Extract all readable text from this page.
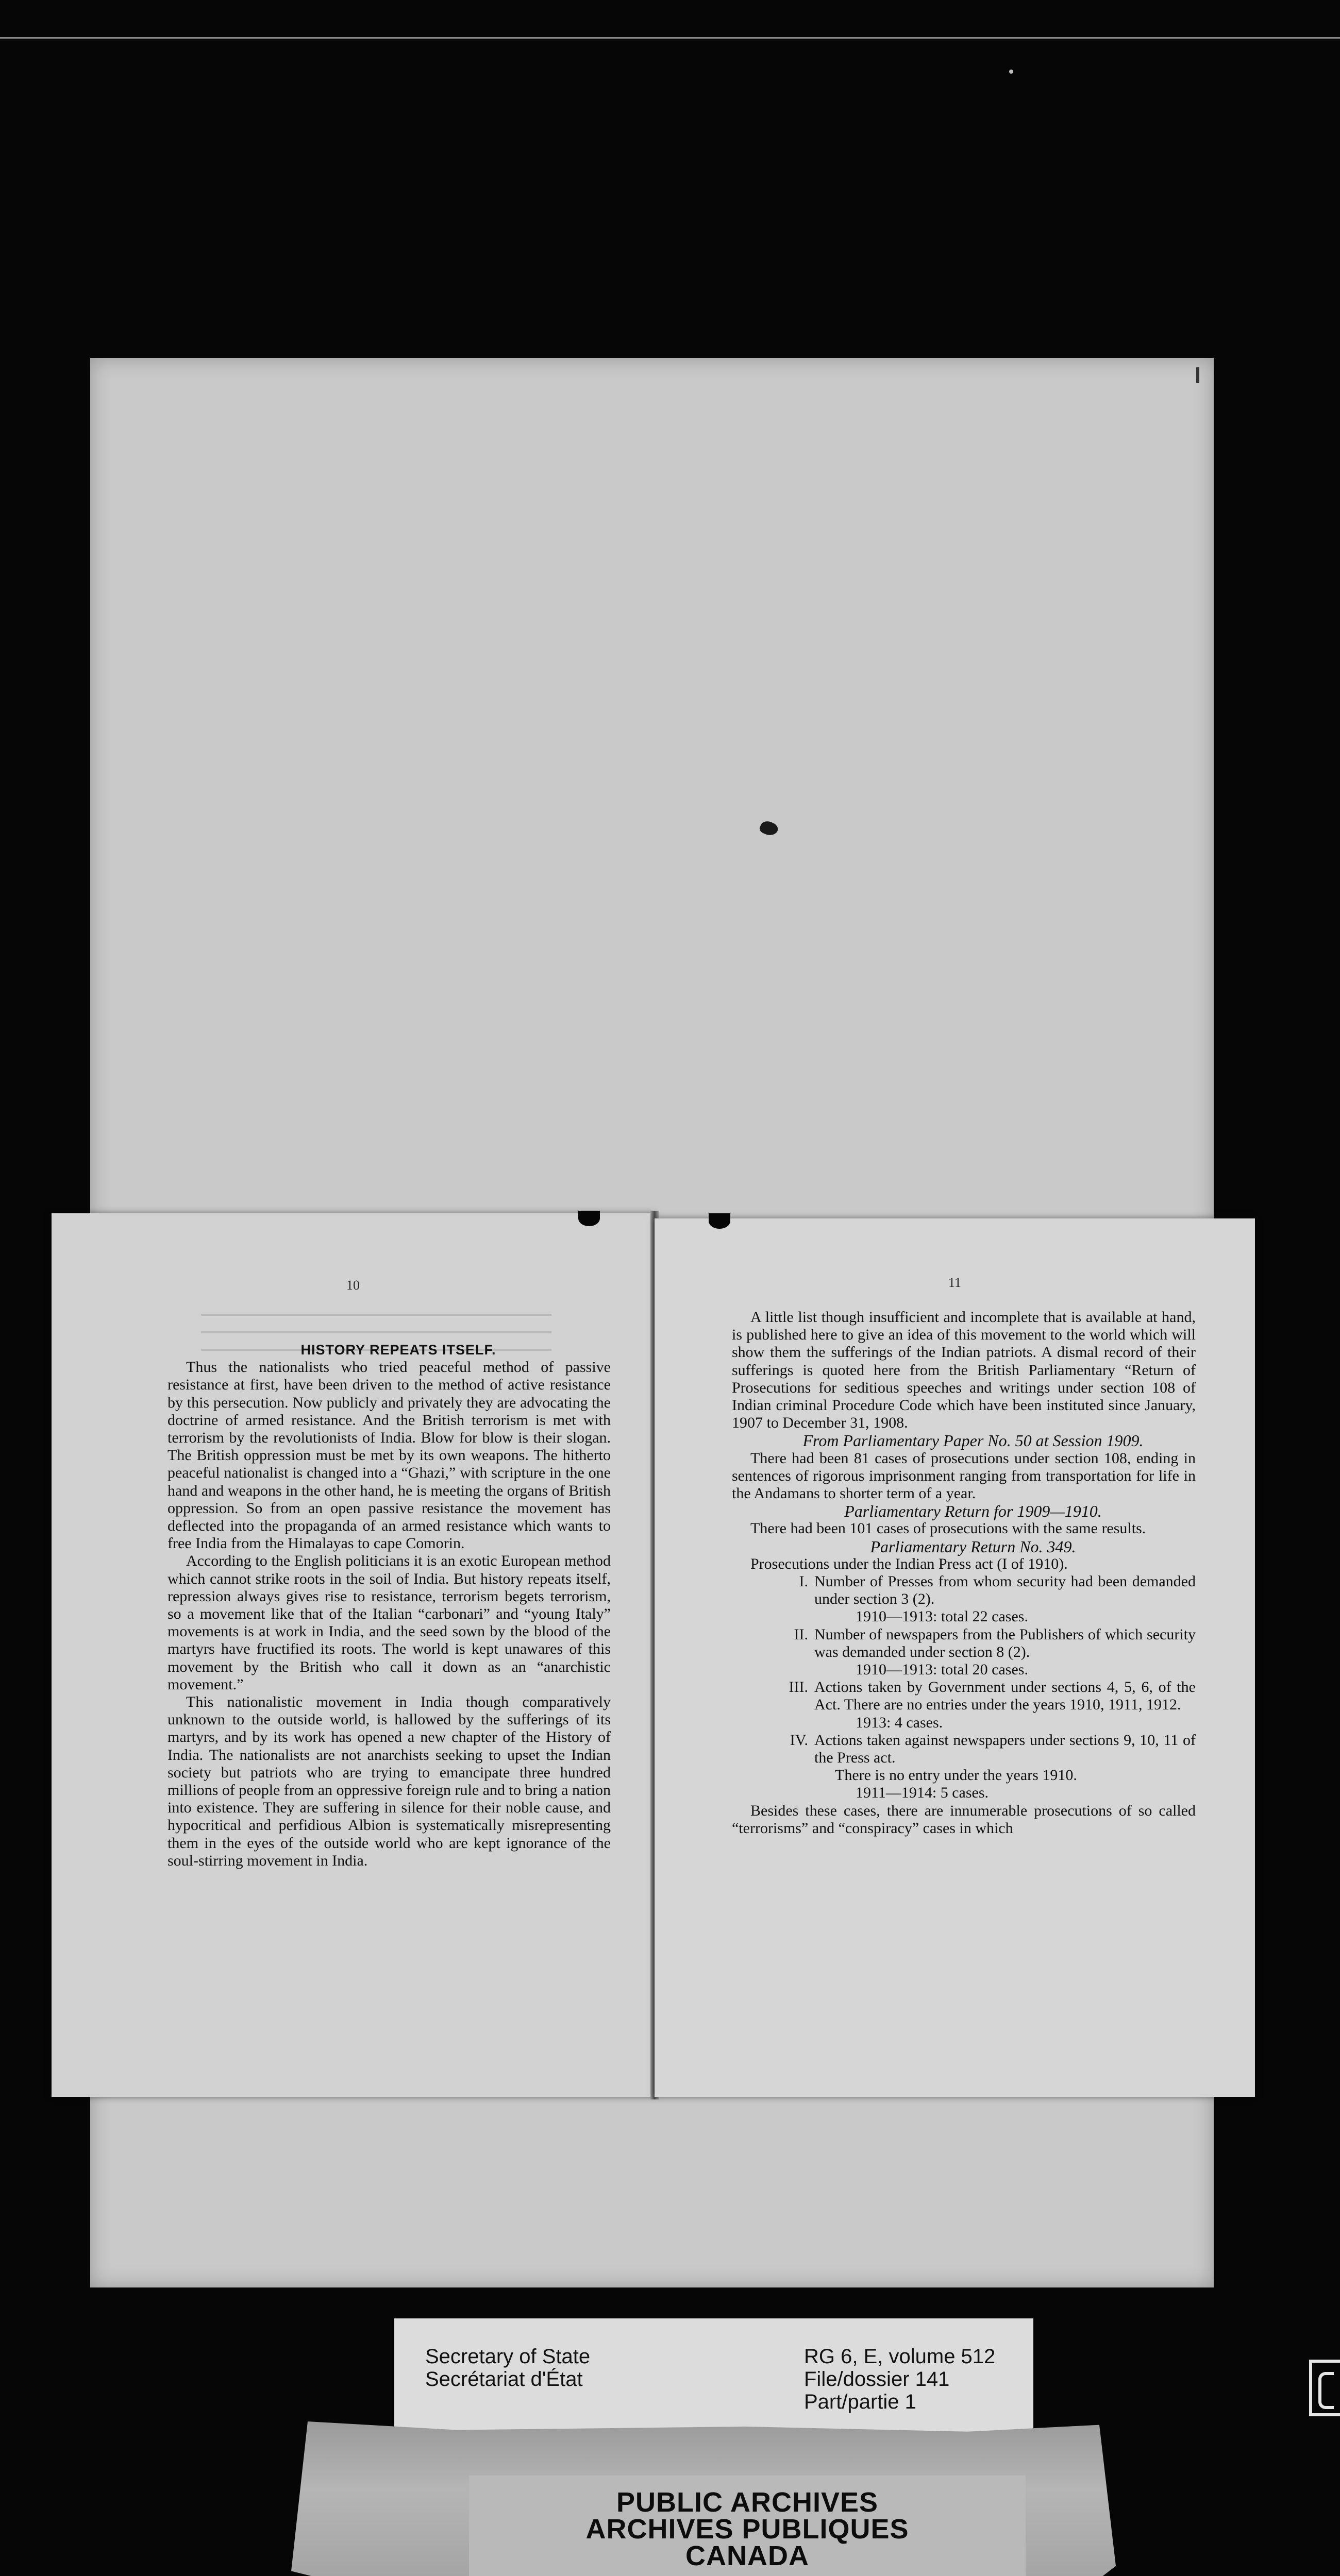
10

HISTORY REPEATS ITSELF.

Thus the nationalists who tried peaceful method of passive resistance at first, have been driven to the method of active resistance by this persecution. Now publicly and privately they are advocating the doctrine of armed resistance. And the British terrorism is met with terrorism by the revolutionists of India. Blow for blow is their slogan. The British oppression must be met by its own weapons. The hitherto peaceful nationalist is changed into a “Ghazi,” with scripture in the one hand and weapons in the other hand, he is meeting the organs of British oppression. So from an open passive resistance the movement has deflected into the propaganda of an armed resistance which wants to free India from the Himalayas to cape Comorin.

According to the English politicians it is an exotic European method which cannot strike roots in the soil of India. But history repeats itself, repression always gives rise to resistance, terrorism begets terrorism, so a movement like that of the Italian “carbonari” and “young Italy” movements is at work in India, and the seed sown by the blood of the martyrs have fructified its roots. The world is kept unawares of this movement by the British who call it down as an “anarchistic movement.”

This nationalistic movement in India though comparatively unknown to the outside world, is hallowed by the sufferings of its martyrs, and by its work has opened a new chapter of the History of India. The nationalists are not anarchists seeking to upset the Indian society but patriots who are trying to emancipate three hundred millions of people from an oppressive foreign rule and to bring a nation into existence. They are suffering in silence for their noble cause, and hypocritical and perfidious Albion is systematically misrepresenting them in the eyes of the outside world who are kept ignorance of the soul-stirring movement in India.

11

A little list though insufficient and incomplete that is available at hand, is published here to give an idea of this movement to the world which will show them the sufferings of the Indian patriots. A dismal record of their sufferings is quoted here from the British Parliamentary “Return of Prosecutions for seditious speeches and writings under section 108 of Indian criminal Procedure Code which have been instituted since January, 1907 to December 31, 1908.

From Parliamentary Paper No. 50 at Session 1909.

There had been 81 cases of prosecutions under section 108, ending in sentences of rigorous imprisonment ranging from transportation for life in the Andamans to shorter term of a year.

Parliamentary Return for 1909—1910.

There had been 101 cases of prosecutions with the same results.

Parliamentary Return No. 349.

Prosecutions under the Indian Press act (I of 1910).

I. Number of Presses from whom security had been demanded under section 3 (2).
1910—1913: total 22 cases.
II. Number of newspapers from the Publishers of which security was demanded under section 8 (2).
1910—1913: total 20 cases.
III. Actions taken by Government under sections 4, 5, 6, of the Act. There are no entries under the years 1910, 1911, 1912.
1913: 4 cases.
IV. Actions taken against newspapers under sections 9, 10, 11 of the Press act.
There is no entry under the years 1910.
1911—1914: 5 cases.

Besides these cases, there are innumerable prosecutions of so called “terrorisms” and “conspiracy” cases in which

Secretary of State
Secrétariat d'État
RG 6, E, volume 512
File/dossier 141
Part/partie 1
PUBLIC ARCHIVES
ARCHIVES PUBLIQUES
CANADA
